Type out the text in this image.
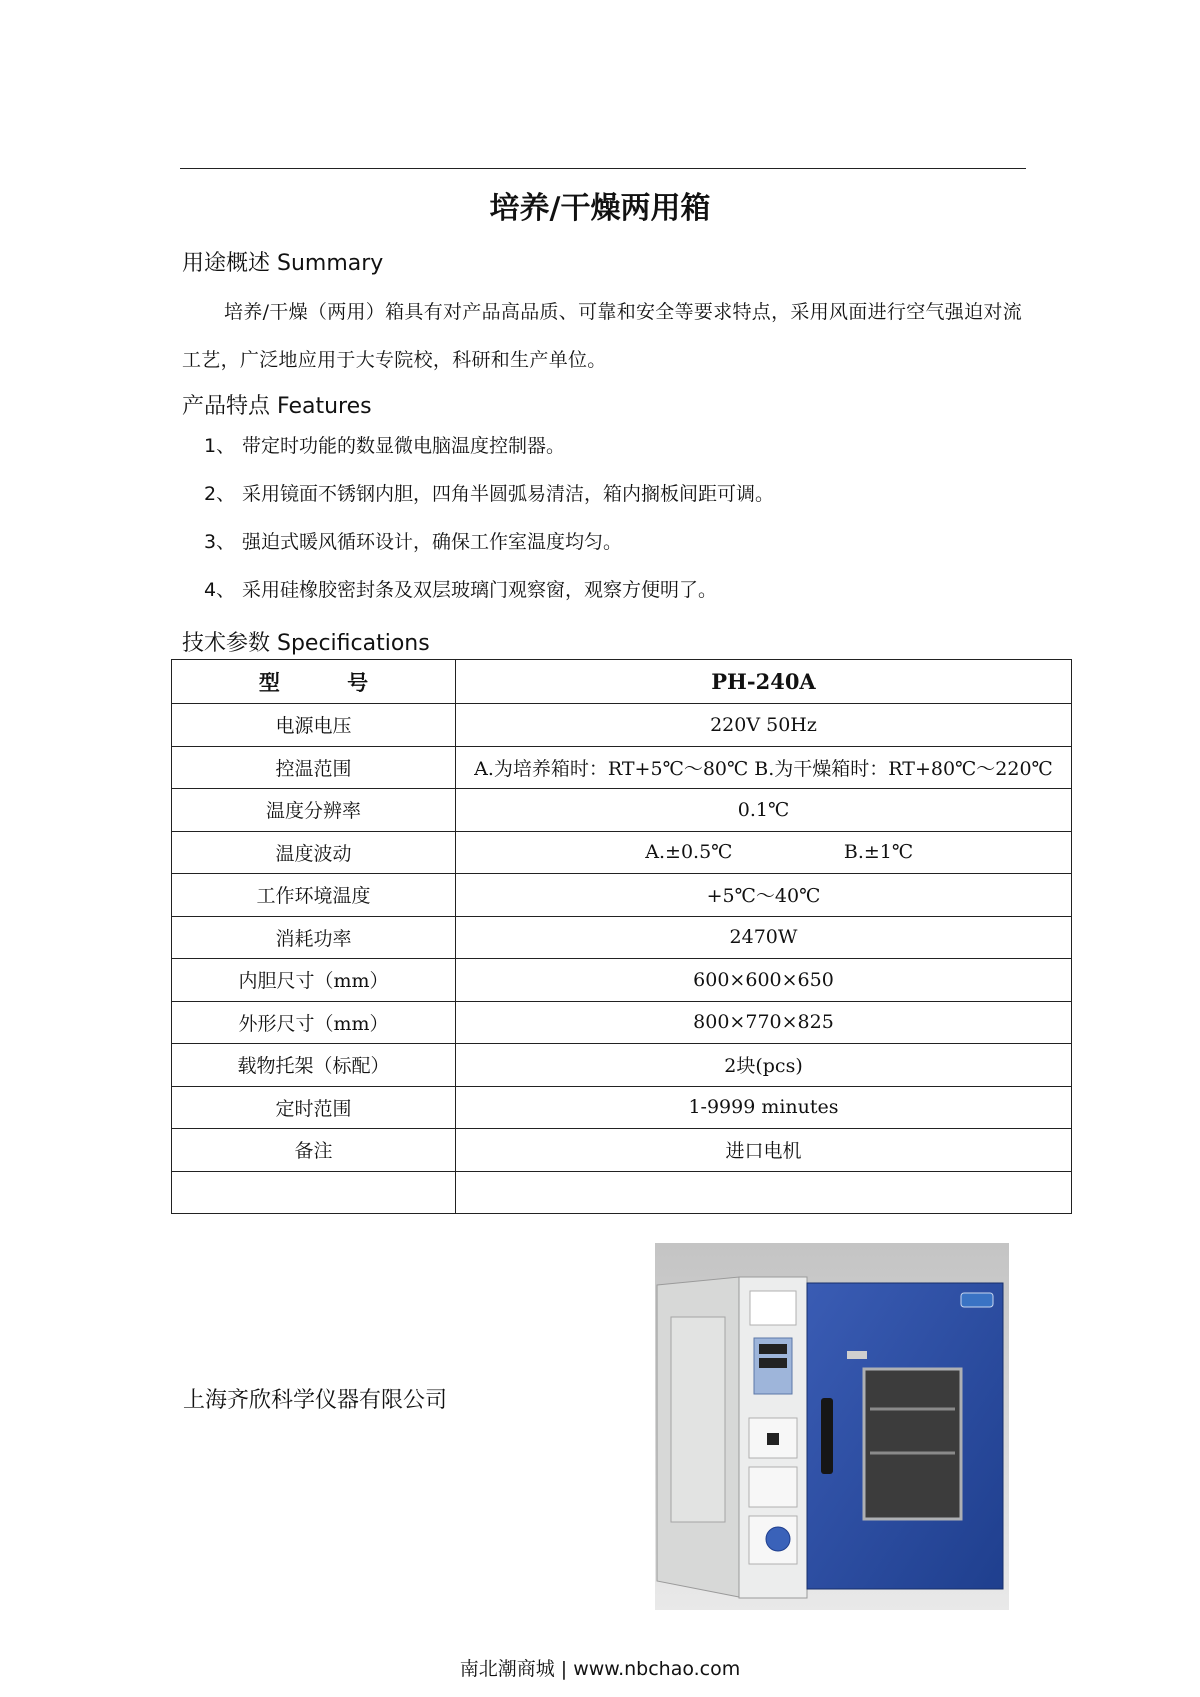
培养/干燥两用箱
用途概述 Summary

培养/干燥（两用）箱具有对产品高品质、可靠和安全等要求特点，采用风面进行空气强迫对流工艺，广泛地应用于大专院校，科研和生产单位。

产品特点 Features
1、 带定时功能的数显微电脑温度控制器。
2、 采用镜面不锈钢内胆，四角半圆弧易清洁，箱内搁板间距可调。
3、 强迫式暖风循环设计，确保工作室温度均匀。
4、 采用硅橡胶密封条及双层玻璃门观察窗，观察方便明了。
技术参数 Specifications
型 号	PH-240A
电源电压	220V 50Hz
控温范围	A.为培养箱时：RT+5℃～80℃ B.为干燥箱时：RT+80℃～220℃
温度分辨率	0.1℃
温度波动	A.±0.5℃ B.±1℃
工作环境温度	+5℃～40℃
消耗功率	2470W
内胆尺寸（mm）	600×600×650
外形尺寸（mm）	800×770×825
载物托架（标配）	2块(pcs)
定时范围	1-9999 minutes
备注	进口电机

上海齐欣科学仪器有限公司
南北潮商城 | www.nbchao.com
